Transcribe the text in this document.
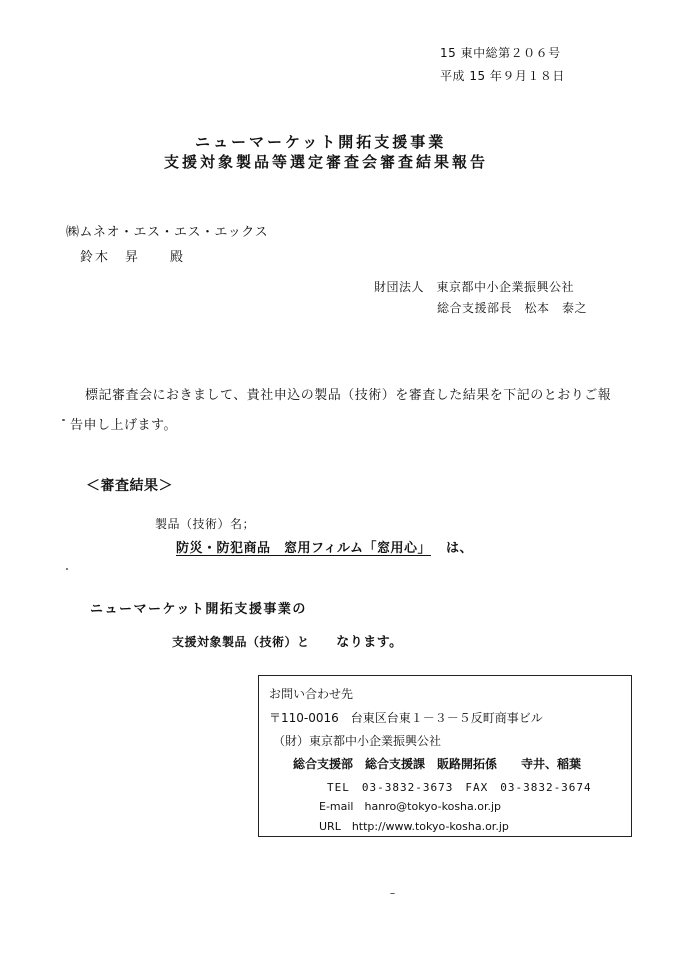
15 東中総第２０６号
平成 15 年９月１８日
ニューマーケット開拓支援事業
支援対象製品等選定審査会審査結果報告
㈱ムネオ・エス・エス・エックス
鈴木　昇　　殿
財団法人　東京都中小企業振興公社
総合支援部長　松本　泰之
標記審査会におきまして、貴社申込の製品（技術）を審査した結果を下記のとおりご報
告申し上げます。
＜審査結果＞
製品（技術）名；
防災・防犯商品　窓用フィルム「窓用心」 は、
ニューマーケット開拓支援事業の
支援対象製品（技術）と なります。
お問い合わせ先
〒110-0016　台東区台東１－３－５反町商事ビル
（財）東京都中小企業振興公社
総合支援部　総合支援課　販路開拓係　　寺井、稲葉
TEL　03-3832-3673　FAX　03-3832-3674
E-mail　hanro@tokyo-kosha.or.jp
URL　http://www.tokyo-kosha.or.jp
